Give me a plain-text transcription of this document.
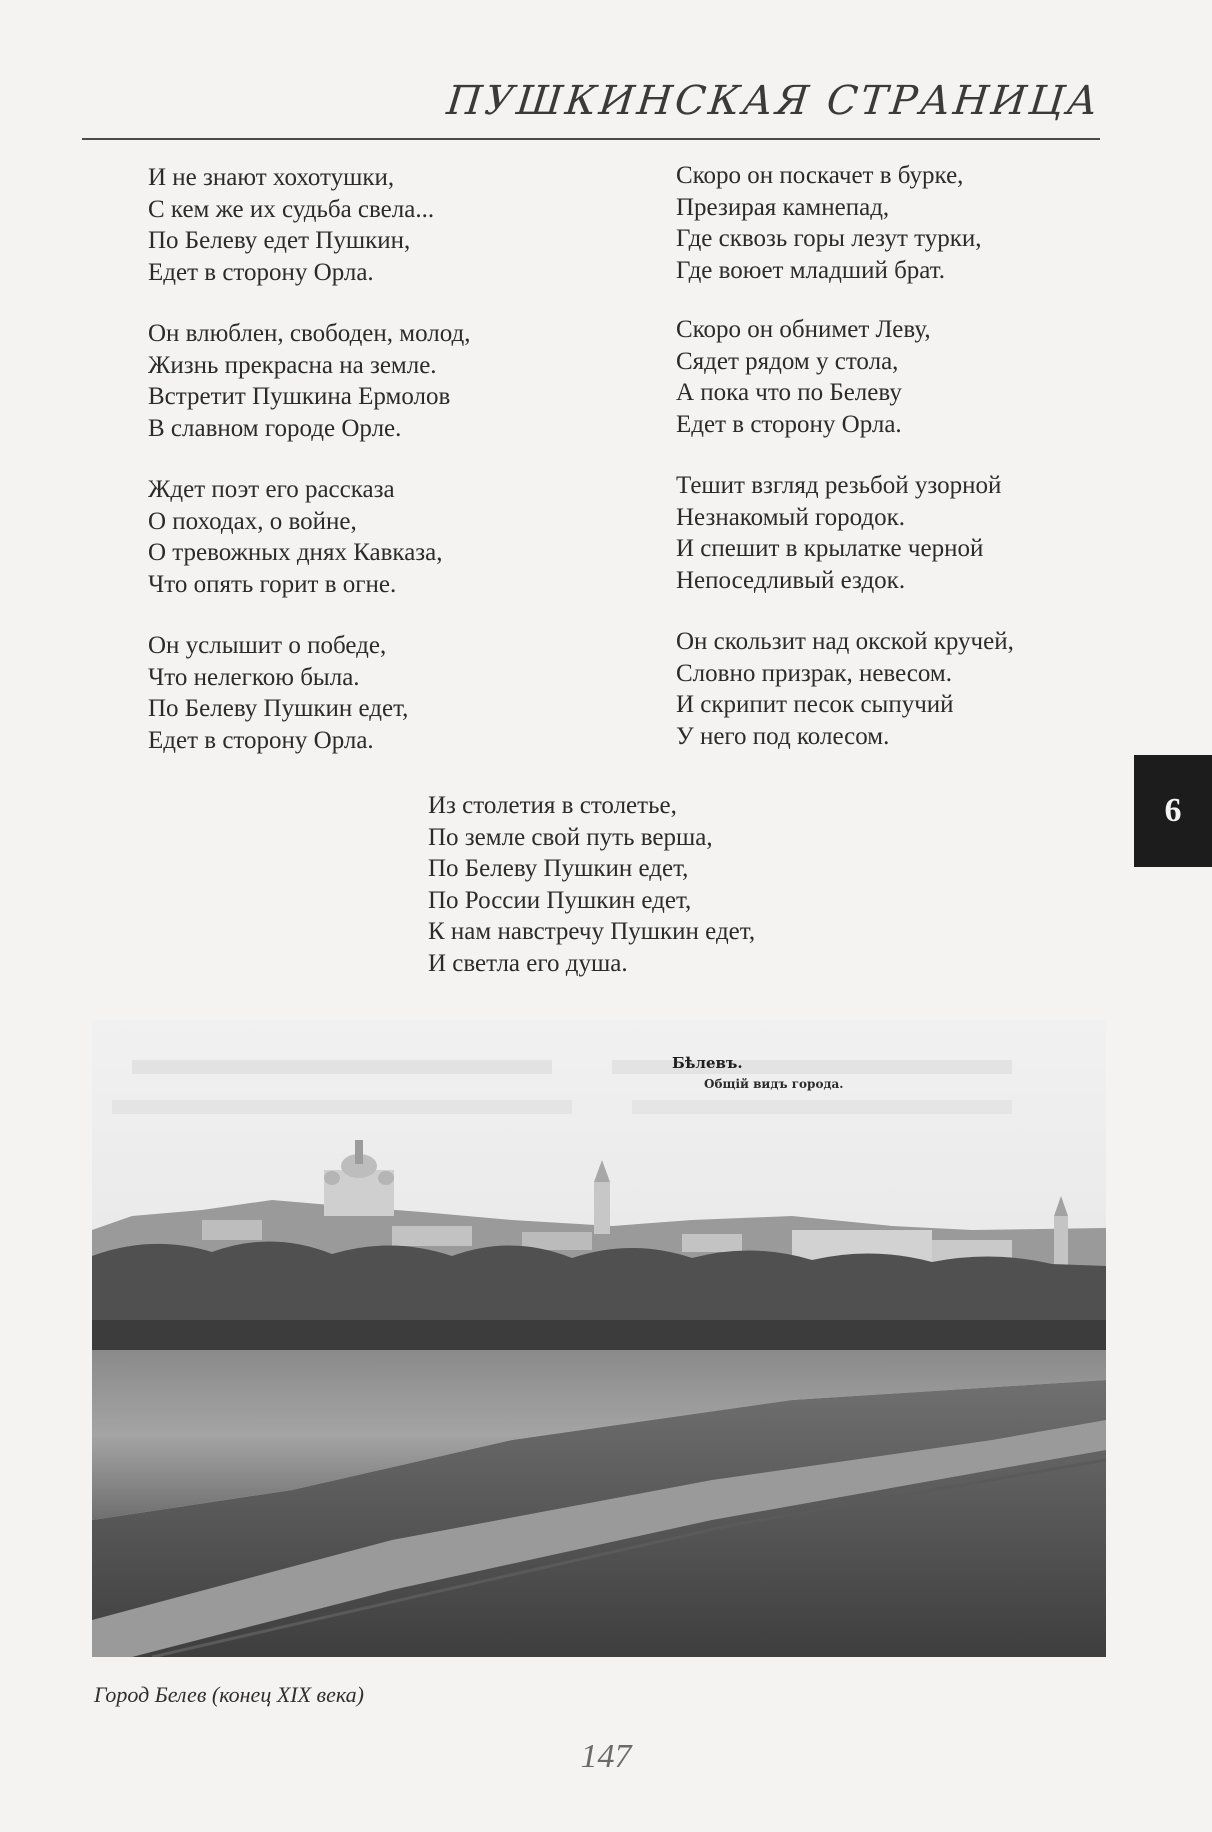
ПУШКИНСКАЯ СТРАНИЦА
И не знают хохотушки,
С кем же их судьба свела...
По Белеву едет Пушкин,
Едет в сторону Орла.
Он влюблен, свободен, молод,
Жизнь прекрасна на земле.
Встретит Пушкина Ермолов
В славном городе Орле.
Ждет поэт его рассказа
О походах, о войне,
О тревожных днях Кавказа,
Что опять горит в огне.
Он услышит о победе,
Что нелегкою была.
По Белеву Пушкин едет,
Едет в сторону Орла.
Скоро он поскачет в бурке,
Презирая камнепад,
Где сквозь горы лезут турки,
Где воюет младший брат.
Скоро он обнимет Леву,
Сядет рядом у стола,
А пока что по Белеву
Едет в сторону Орла.
Тешит взгляд резьбой узорной
Незнакомый городок.
И спешит в крылатке черной
Непоседливый ездок.
Он скользит над окской кручей,
Словно призрак, невесом.
И скрипит песок сыпучий
У него под колесом.
Из столетия в столетье,
По земле свой путь верша,
По Белеву Пушкин едет,
По России Пушкин едет,
К нам навстречу Пушкин едет,
И светла его душа.
6
Бѣлевъ.
Общiй видъ города.
Город Белев (конец XIX века)
147
